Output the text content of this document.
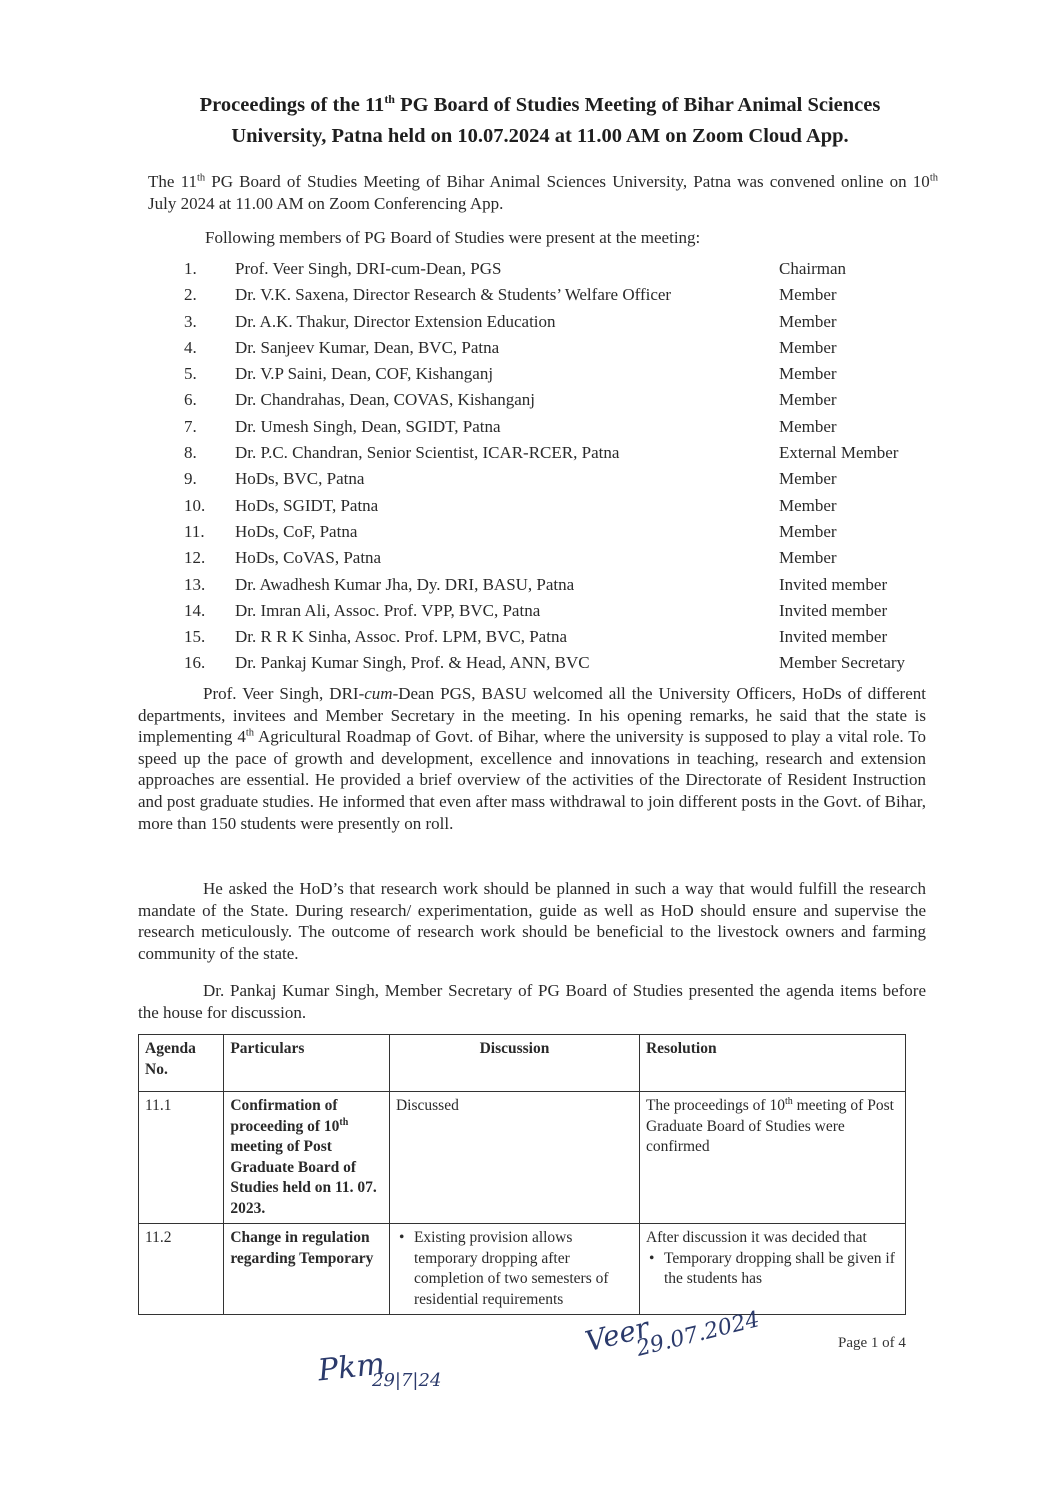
Proceedings of the 11th PG Board of Studies Meeting of Bihar Animal Sciences
University, Patna held on 10.07.2024 at 11.00 AM on Zoom Cloud App.
The 11th PG Board of Studies Meeting of Bihar Animal Sciences University, Patna was convened online on 10th July 2024 at 11.00 AM on Zoom Conferencing App.
Following members of PG Board of Studies were present at the meeting:
1. Prof. Veer Singh, DRI-cum-Dean, PGS	Chairman
2. Dr. V.K. Saxena, Director Research & Students’ Welfare Officer	Member
3. Dr. A.K. Thakur, Director Extension Education	Member
4. Dr. Sanjeev Kumar, Dean, BVC, Patna	Member
5. Dr. V.P Saini, Dean, COF, Kishanganj	Member
6. Dr. Chandrahas, Dean, COVAS, Kishanganj	Member
7. Dr. Umesh Singh, Dean, SGIDT, Patna	Member
8. Dr. P.C. Chandran, Senior Scientist, ICAR-RCER, Patna	External Member
9. HoDs, BVC, Patna	Member
10. HoDs, SGIDT, Patna	Member
11. HoDs, CoF, Patna	Member
12. HoDs, CoVAS, Patna	Member
13. Dr. Awadhesh Kumar Jha, Dy. DRI, BASU, Patna	Invited member
14. Dr. Imran Ali, Assoc. Prof. VPP, BVC, Patna	Invited member
15. Dr. R R K Sinha, Assoc. Prof. LPM, BVC, Patna	Invited member
16. Dr. Pankaj Kumar Singh, Prof. & Head, ANN, BVC	Member Secretary
Prof. Veer Singh, DRI-cum-Dean PGS, BASU welcomed all the University Officers, HoDs of different departments, invitees and Member Secretary in the meeting. In his opening remarks, he said that the state is implementing 4th Agricultural Roadmap of Govt. of Bihar, where the university is supposed to play a vital role. To speed up the pace of growth and development, excellence and innovations in teaching, research and extension approaches are essential. He provided a brief overview of the activities of the Directorate of Resident Instruction and post graduate studies. He informed that even after mass withdrawal to join different posts in the Govt. of Bihar, more than 150 students were presently on roll.
He asked the HoD’s that research work should be planned in such a way that would fulfill the research mandate of the State. During research/ experimentation, guide as well as HoD should ensure and supervise the research meticulously. The outcome of research work should be beneficial to the livestock owners and farming community of the state.
Dr. Pankaj Kumar Singh, Member Secretary of PG Board of Studies presented the agenda items before the house for discussion.
Agenda No.	Particulars	Discussion	Resolution
11.1	Confirmation of proceeding of 10th meeting of Post Graduate Board of Studies held on 11. 07. 2023.	Discussed	The proceedings of 10th meeting of Post Graduate Board of Studies were confirmed
11.2	Change in regulation regarding Temporary	• Existing provision allows temporary dropping after completion of two semesters of residential requirements	After discussion it was decided that
• Temporary dropping shall be given if the students has
Veer
29.07.2024
Pkm
29|7|24
Page 1 of 4
